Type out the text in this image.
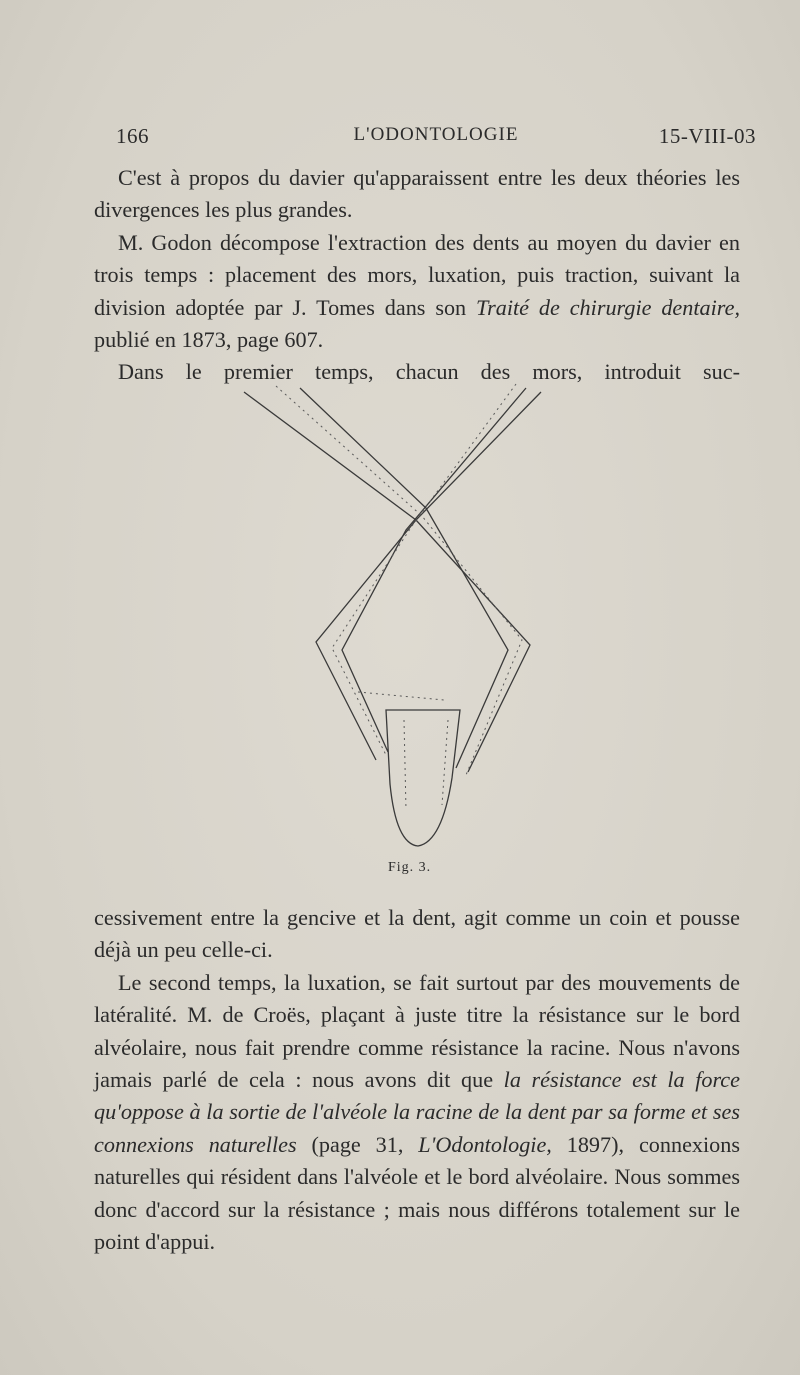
166	L'ODONTOLOGIE	15-VIII-03

C'est à propos du davier qu'apparaissent entre les deux théories les divergences les plus grandes.

M. Godon décompose l'extraction des dents au moyen du davier en trois temps : placement des mors, luxation, puis traction, suivant la division adoptée par J. Tomes dans son Traité de chirurgie dentaire, publié en 1873, page 607.

Dans le premier temps, chacun des mors, introduit suc-

Fig. 3.

cessivement entre la gencive et la dent, agit comme un coin et pousse déjà un peu celle-ci.

Le second temps, la luxation, se fait surtout par des mouvements de latéralité. M. de Croës, plaçant à juste titre la résistance sur le bord alvéolaire, nous fait prendre comme résistance la racine. Nous n'avons jamais parlé de cela : nous avons dit que la résistance est la force qu'oppose à la sortie de l'alvéole la racine de la dent par sa forme et ses connexions naturelles (page 31, L'Odontologie, 1897), connexions naturelles qui résident dans l'alvéole et le bord alvéolaire. Nous sommes donc d'accord sur la résistance ; mais nous différons totalement sur le point d'appui.
